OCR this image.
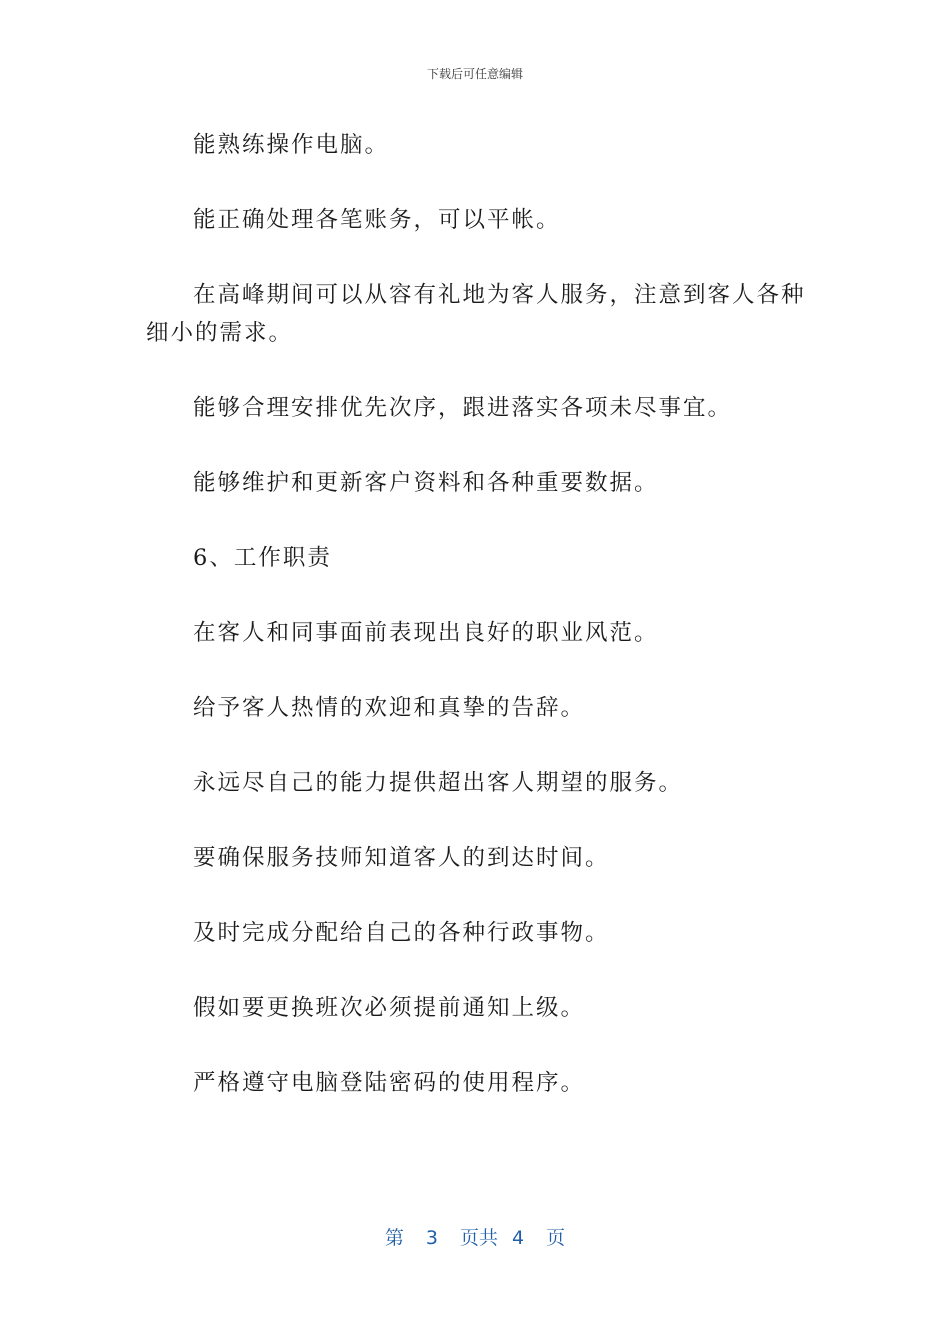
下载后可任意编辑

能熟练操作电脑。

能正确处理各笔账务，可以平帐。

在高峰期间可以从容有礼地为客人服务，注意到客人各种细小的需求。

能够合理安排优先次序，跟进落实各项未尽事宜。

能够维护和更新客户资料和各种重要数据。

6、工作职责

在客人和同事面前表现出良好的职业风范。

给予客人热情的欢迎和真挚的告辞。

永远尽自己的能力提供超出客人期望的服务。

要确保服务技师知道客人的到达时间。

及时完成分配给自己的各种行政事物。

假如要更换班次必须提前通知上级。

严格遵守电脑登陆密码的使用程序。

第 3 页共 4 页
